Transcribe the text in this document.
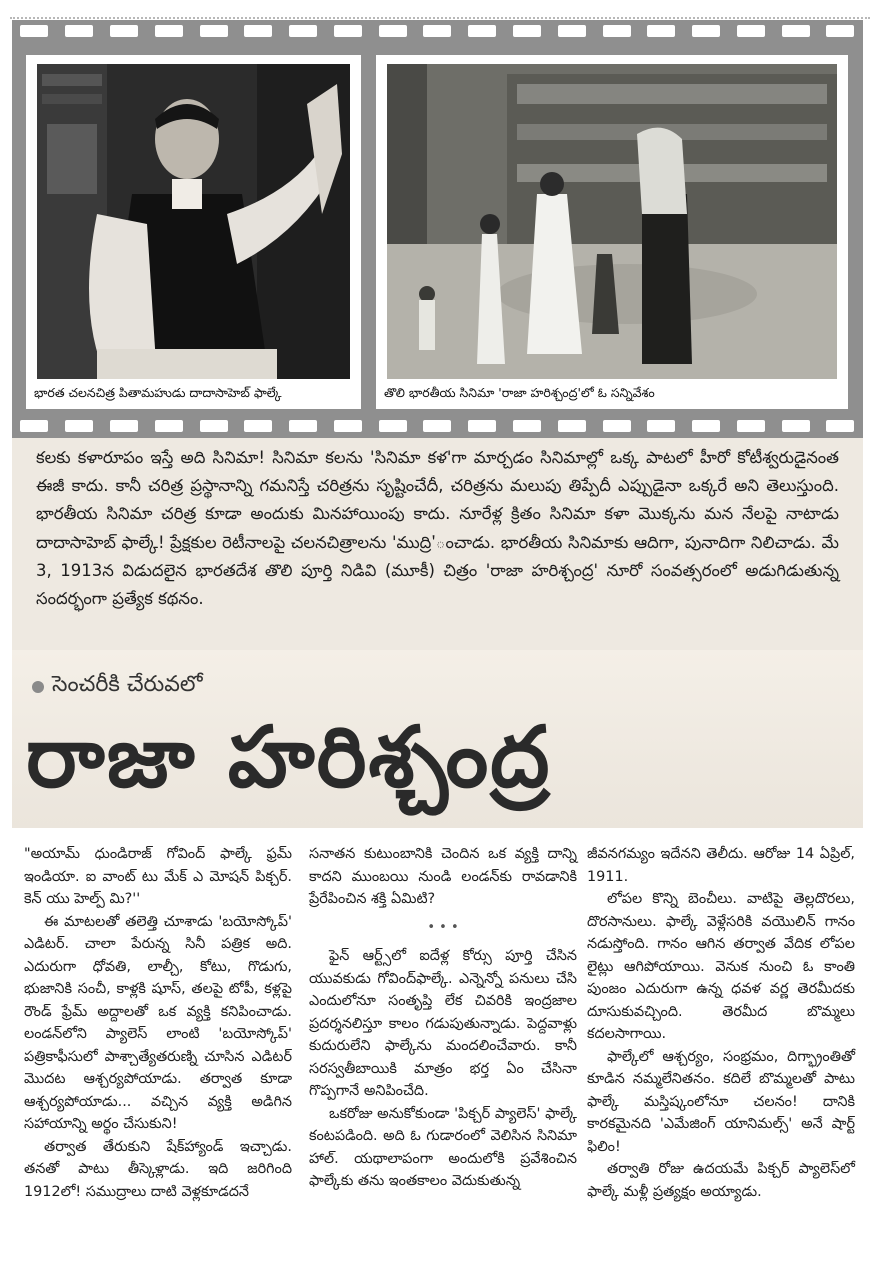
భారత చలనచిత్ర పితామహుడు దాదాసాహెబ్ ఫాల్కే	తొలి భారతీయ సినిమా 'రాజా హరిశ్చంద్ర'లో ఓ సన్నివేశం

కలకు కళారూపం ఇస్తే అది సినిమా! సినిమా కలను 'సినిమా కళ'గా మార్చడం సినిమాల్లో ఒక్క పాటలో హీరో కోటీశ్వరుడైనంత ఈజీ కాదు. కానీ చరిత్ర ప్రస్థానాన్ని గమనిస్తే చరిత్రను సృష్టించేదీ, చరిత్రను మలుపు తిప్పేదీ ఎప్పుడైనా ఒక్కరే అని తెలుస్తుంది. భారతీయ సినిమా చరిత్ర కూడా అందుకు మినహాయింపు కాదు. నూరేళ్ల క్రితం సినిమా కళా మొక్కను మన నేలపై నాటాడు దాదాసాహెబ్ ఫాల్కే! ప్రేక్షకుల రెటీనాలపై చలనచిత్రాలను 'ముద్రి'ంచాడు. భారతీయ సినిమాకు ఆదిగా, పునాదిగా నిలిచాడు. మే 3, 1913న విడుదలైన భారతదేశ తొలి పూర్తి నిడివి (మూకీ) చిత్రం 'రాజా హరిశ్చంద్ర' నూరో సంవత్సరంలో అడుగిడుతున్న సందర్భంగా ప్రత్యేక కథనం.

సెంచరీకి చేరువలో
రాజా హరిశ్చంద్ర

"అయామ్ ధుండిరాజ్ గోవింద్ ఫాల్కే ఫ్రమ్ ఇండియా. ఐ వాంట్ టు మేక్ ఎ మోషన్ పిక్చర్. కెన్ యు హెల్ప్ మి?''

ఈ మాటలతో తలెత్తి చూశాడు 'బయోస్కోప్' ఎడిటర్. చాలా పేరున్న సినీ పత్రిక అది. ఎదురుగా ధోవతి, లాల్చీ, కోటు, గొడుగు, భుజానికి సంచీ, కాళ్లకి షూస్, తలపై టోపీ, కళ్లపై రౌండ్ ఫ్రేమ్ అద్దాలతో ఒక వ్యక్తి కనిపించాడు. లండన్‌లోని ప్యాలెస్ లాంటి 'బయోస్కోప్' పత్రికాఫీసులో పాశ్చాత్యేతరుణ్ని చూసిన ఎడిటర్ మొదట ఆశ్చర్యపోయాడు. తర్వాత కూడా ఆశ్చర్యపోయాడు... వచ్చిన వ్యక్తి అడిగిన సహాయాన్ని అర్థం చేసుకుని!

తర్వాత తేరుకుని షేక్‌హ్యాండ్ ఇచ్చాడు. తనతో పాటు తీస్కెళ్లాడు. ఇది జరిగింది 1912లో! సముద్రాలు దాటి వెళ్లకూడదనే

సనాతన కుటుంబానికి చెందిన ఒక వ్యక్తి దాన్ని కాదని ముంబయి నుండి లండన్‌కు రావడానికి ప్రేరేపించిన శక్తి ఏమిటి?

• • •

ఫైన్ ఆర్ట్స్‌లో ఐదేళ్ల కోర్సు పూర్తి చేసిన యువకుడు గోవింద్‌ఫాల్కే. ఎన్నెన్నో పనులు చేసి ఎందులోనూ సంతృప్తి లేక చివరికి ఇంద్రజాల ప్రదర్శనలిస్తూ కాలం గడుపుతున్నాడు. పెద్దవాళ్లు కుదురులేని ఫాల్కేను మందలించేవారు. కానీ సరస్వతీబాయికి మాత్రం భర్త ఏం చేసినా గొప్పగానే అనిపించేది.

ఒకరోజు అనుకోకుండా 'పిక్చర్ ప్యాలెస్' ఫాల్కే కంటపడింది. అది ఓ గుడారంలో వెలిసిన సినిమా హాల్. యథాలాపంగా అందులోకి ప్రవేశించిన ఫాల్కేకు తను ఇంతకాలం వెదుకుతున్న

జీవనగమ్యం ఇదేనని తెలీదు. ఆరోజు 14 ఏప్రిల్, 1911.

లోపల కొన్ని బెంచీలు. వాటిపై తెల్లదొరలు, దొరసానులు. ఫాల్కే వెళ్లేసరికి వయొలిన్ గానం నడుస్తోంది. గానం ఆగిన తర్వాత వేదిక లోపల లైట్లు ఆగిపోయాయి. వెనుక నుంచి ఓ కాంతి పుంజం ఎదురుగా ఉన్న ధవళ వర్ణ తెరమీదకు దూసుకువచ్చింది. తెరమీద బొమ్మలు కదలసాగాయి.

ఫాల్కేలో ఆశ్చర్యం, సంభ్రమం, దిగ్భ్రాంతితో కూడిన నమ్మలేనితనం. కదిలే బొమ్మలతో పాటు ఫాల్కే మస్తిష్కంలోనూ చలనం! దానికి కారకమైనది 'ఎమేజింగ్ యానిమల్స్' అనే షార్ట్ ఫిలిం!

తర్వాతి రోజు ఉదయమే పిక్చర్ ప్యాలెస్‌లో ఫాల్కే మళ్లీ ప్రత్యక్షం అయ్యాడు.
